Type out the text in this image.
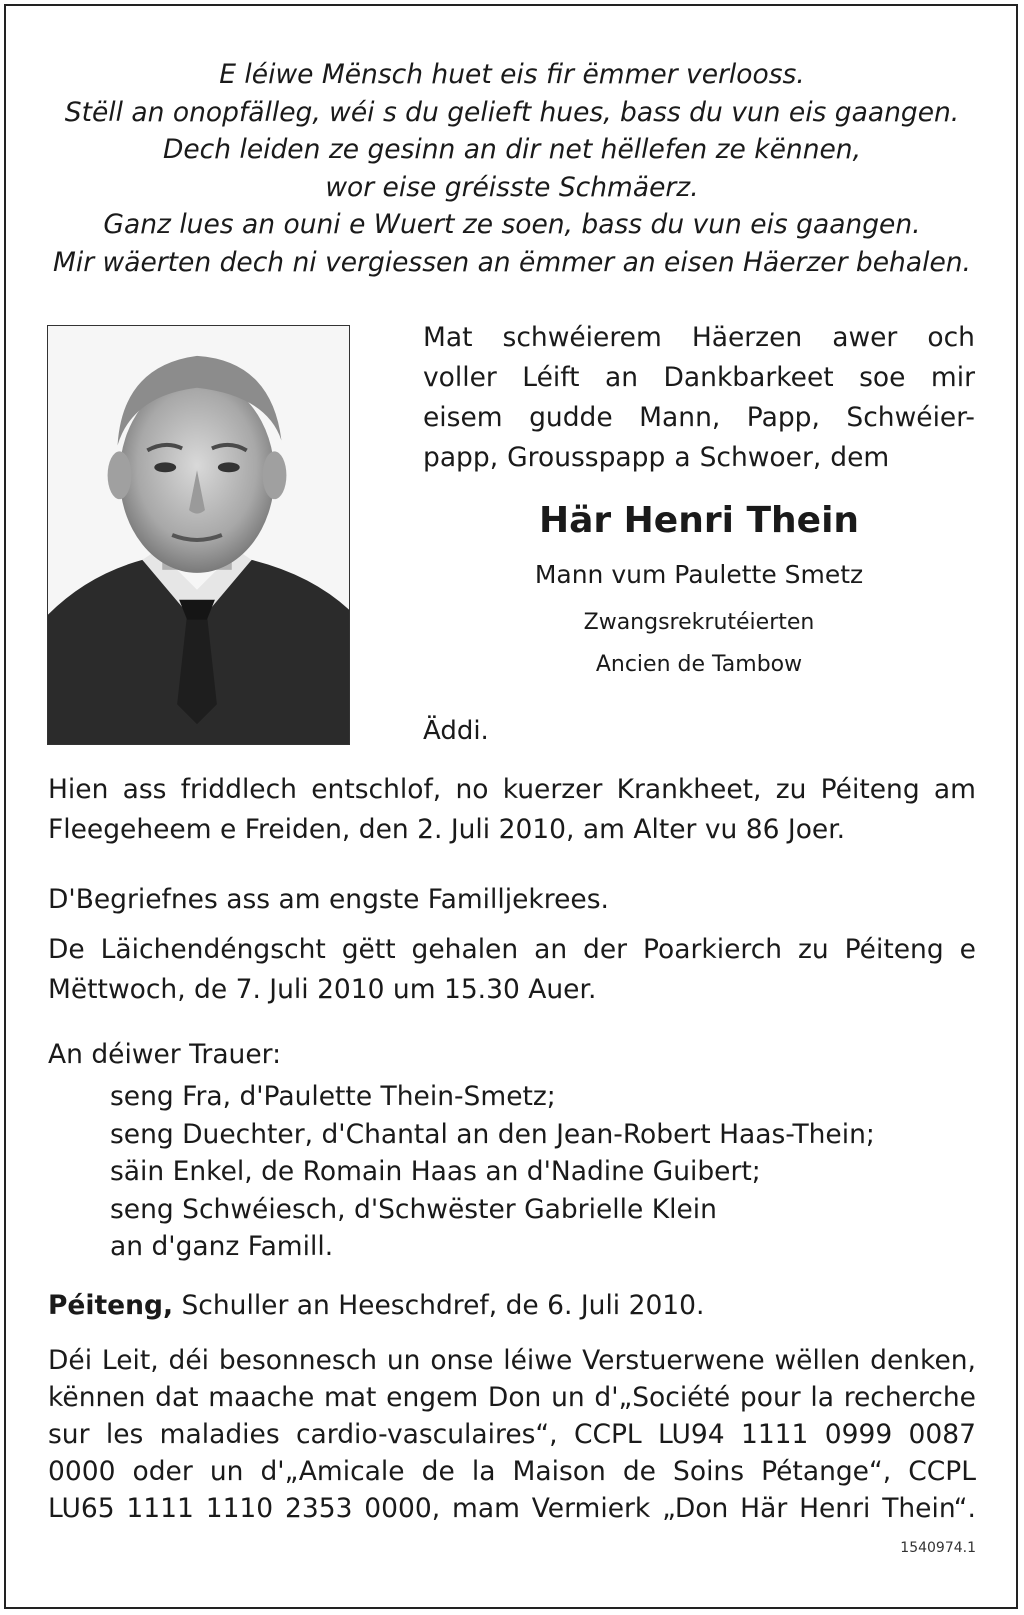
E léiwe Mënsch huet eis fir ëmmer verlooss.
Stëll an onopfälleg, wéi s du gelieft hues, bass du vun eis gaangen.
Dech leiden ze gesinn an dir net hëllefen ze kënnen,
wor eise gréisste Schmäerz.
Ganz lues an ouni e Wuert ze soen, bass du vun eis gaangen.
Mir wäerten dech ni vergiessen an ëmmer an eisen Häerzer behalen.
Mat schwéierem Häerzen awer och
voller Léift an Dankbarkeet soe mir
eisem gudde Mann, Papp, Schwéier-
papp, Grousspapp a Schwoer, dem
Här Henri Thein
Mann vum Paulette Smetz
Zwangsrekrutéierten
Ancien de Tambow
Äddi.
Hien ass friddlech entschlof, no kuerzer Krankheet, zu Péiteng am
Fleegeheem e Freiden, den 2. Juli 2010, am Alter vu 86 Joer.
D'Begriefnes ass am engste Familljekrees.
De Läichendéngscht gëtt gehalen an der Poarkierch zu Péiteng e
Mëttwoch, de 7. Juli 2010 um 15.30 Auer.
An déiwer Trauer:
seng Fra, d'Paulette Thein-Smetz;
seng Duechter, d'Chantal an den Jean-Robert Haas-Thein;
säin Enkel, de Romain Haas an d'Nadine Guibert;
seng Schwéiesch, d'Schwëster Gabrielle Klein
an d'ganz Famill.
Péiteng, Schuller an Heeschdref, de 6. Juli 2010.
Déi Leit, déi besonnesch un onse léiwe Verstuerwene wëllen denken,
kënnen dat maache mat engem Don un d'„Société pour la recherche
sur les maladies cardio-vasculaires“, CCPL LU94 1111 0999 0087
0000 oder un d'„Amicale de la Maison de Soins Pétange“, CCPL
LU65 1111 1110 2353 0000, mam Vermierk „Don Här Henri Thein“.
1540974.1
